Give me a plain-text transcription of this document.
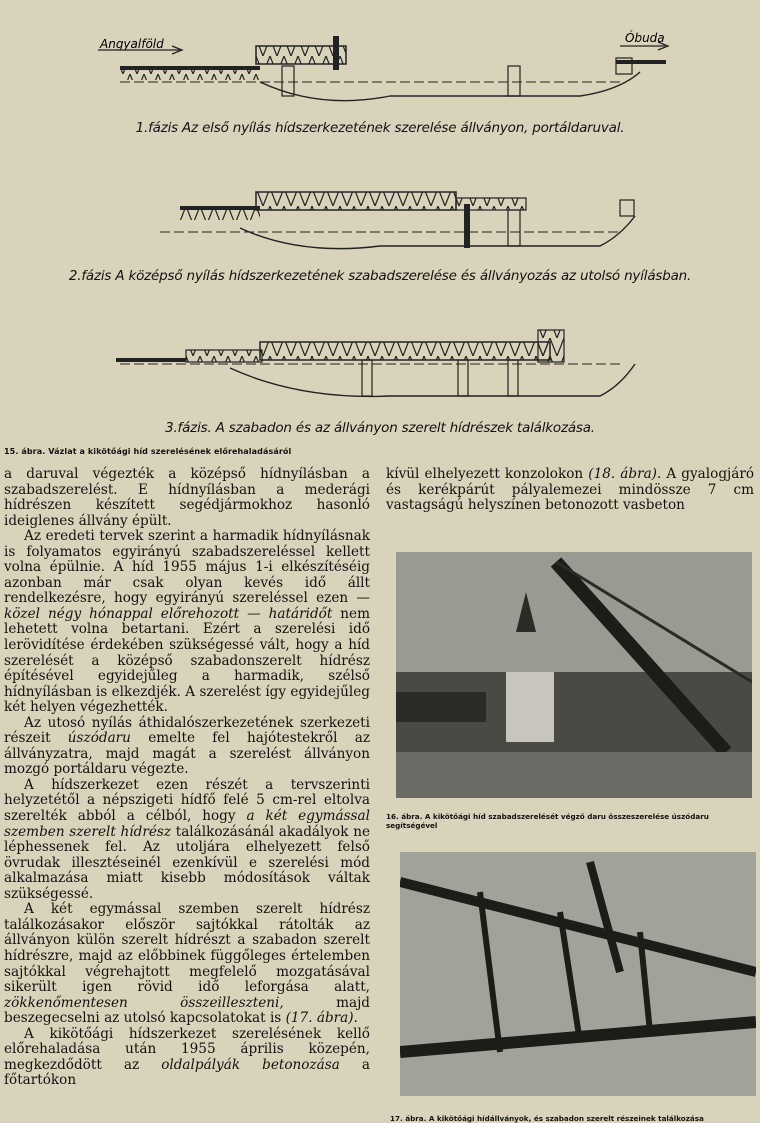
Angyalföld	Óbuda
1.fázis Az első nyílás hídszerkezetének szerelése állványon, portáldaruval.
2.fázis A középső nyílás hídszerkezetének szabadszerelése és állványozás az utolsó nyílásban.
3.fázis. A szabadon és az állványon szerelt hídrészek találkozása.
15. ábra. Vázlat a kikötőági híd szerelésének előrehaladásáról

a daruval végezték a középső hídnyílásban a szabadszerelést. E hídnyílásban a mederági hídrészen készített segédjármokhoz hasonló ideiglenes állvány épült.

Az eredeti tervek szerint a harmadik hídnyílásnak is folyamatos egyirányú szabadszereléssel kellett volna épülnie. A híd 1955 május 1-i elkészítéséig azonban már csak olyan kevés idő állt rendelkezésre, hogy egyirányú szereléssel ezen — közel négy hónappal előrehozott — határidőt nem lehetett volna betartani. Ezért a szerelési idő lerövidítése érdekében szükségessé vált, hogy a híd szerelését a középső szabadonszerelt hídrész építésével egyidejűleg a harmadik, szélső hídnyílásban is elkezdjék. A szerelést így egyidejűleg két helyen végezhették.

Az utosó nyílás áthidalószerkezetének szerkezeti részeit úszódaru emelte fel hajótestekről az állványzatra, majd magát a szerelést állványon mozgó portáldaru végezte.

A hídszerkezet ezen részét a tervszerinti helyzetétől a népszigeti hídfő felé 5 cm-rel eltolva szerelték abból a célból, hogy a két egymással szemben szerelt hídrész találkozásánál akadályok ne léphessenek fel. Az utoljára elhelyezett felső övrudak illesztéseinél ezenkívül e szerelési mód alkalmazása miatt kisebb módosítások váltak szükségessé.

A két egymással szemben szerelt hídrész találkozásakor először sajtókkal rátolták az állványon külön szerelt hídrészt a szabadon szerelt hídrészre, majd az előbbinek függőleges értelemben sajtókkal végrehajtott megfelelő mozgatásával sikerült igen rövid idő leforgása alatt, zökkenőmentesen összeilleszteni,	majd beszegecselni az utolsó kapcsolatokat is (17. ábra).

A kikötőági hídszerkezet szerelésének kellő előrehaladása után 1955 április közepén, megkezdődött az oldalpályák betonozása a főtartókon

kívül elhelyezett konzolokon (18. ábra). A gyalogjáró és kerékpárút pályalemezei mindössze 7 cm vastagságú helyszínen betonozott vasbeton

16. ábra. A kikötőági híd szabadszerelését végző daru összeszerelése úszódaru segítségével
17. ábra. A kikötőági hídállványok, és szabadon szerelt részeinek találkozása
